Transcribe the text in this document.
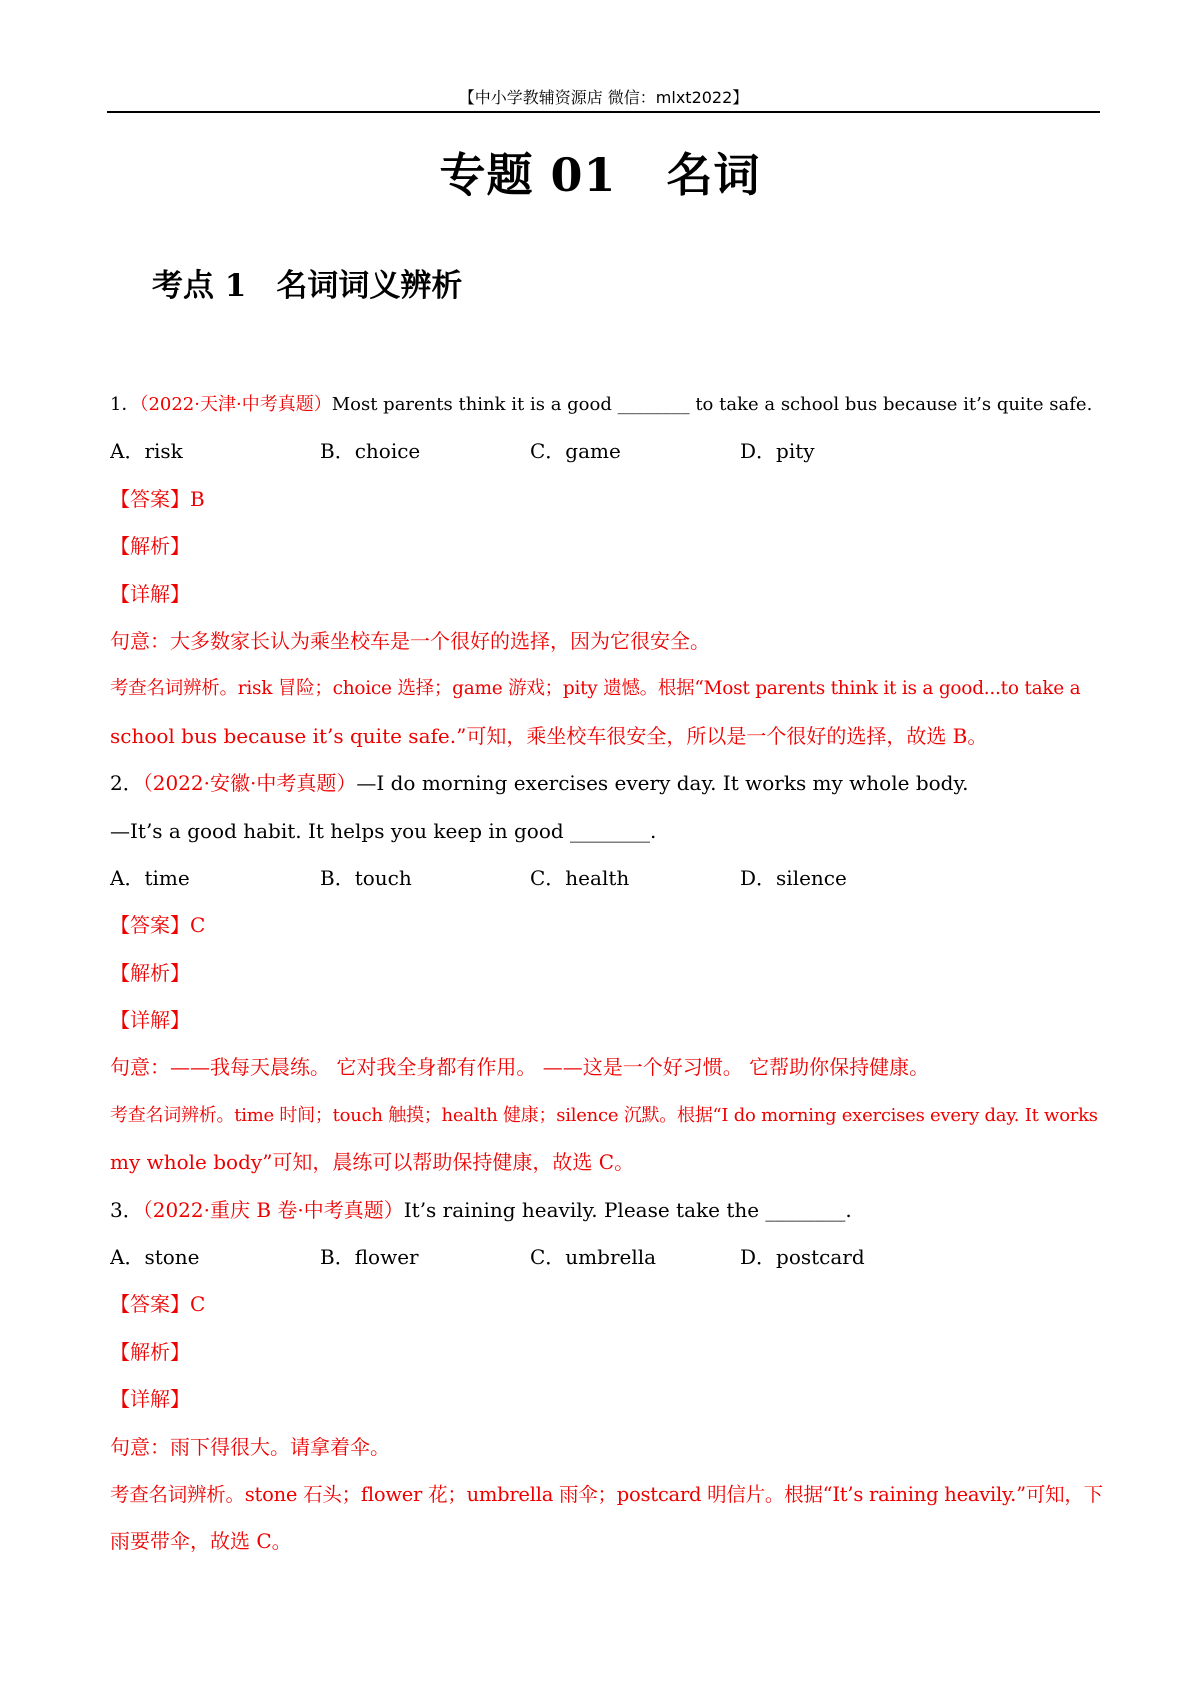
【中小学教辅资源店 微信：mlxt2022】
专题 01 名词
考点 1 名词词义辨析
1．（2022·天津·中考真题）Most parents think it is a good ________ to take a school bus because it’s quite safe.
A．risk	B．choice	C．game	D．pity
【答案】B
【解析】
【详解】
句意：大多数家长认为乘坐校车是一个很好的选择，因为它很安全。
考查名词辨析。risk 冒险；choice 选择；game 游戏；pity 遗憾。根据“Most parents think it is a good...to take a
school bus because it’s quite safe.”可知，乘坐校车很安全，所以是一个很好的选择，故选 B。
2．（2022·安徽·中考真题）—I do morning exercises every day. It works my whole body.
—It’s a good habit. It helps you keep in good ________.
A．time	B．touch	C．health	D．silence
【答案】C
【解析】
【详解】
句意：——我每天晨练。 它对我全身都有作用。 ——这是一个好习惯。 它帮助你保持健康。
考查名词辨析。time 时间；touch 触摸；health 健康；silence 沉默。根据“I do morning exercises every day. It works
my whole body”可知，晨练可以帮助保持健康，故选 C。
3．（2022·重庆 B 卷·中考真题）It’s raining heavily. Please take the ________.
A．stone	B．flower	C．umbrella	D．postcard
【答案】C
【解析】
【详解】
句意：雨下得很大。请拿着伞。
考查名词辨析。stone 石头；flower 花；umbrella 雨伞；postcard 明信片。根据“It’s raining heavily.”可知，下
雨要带伞，故选 C。
